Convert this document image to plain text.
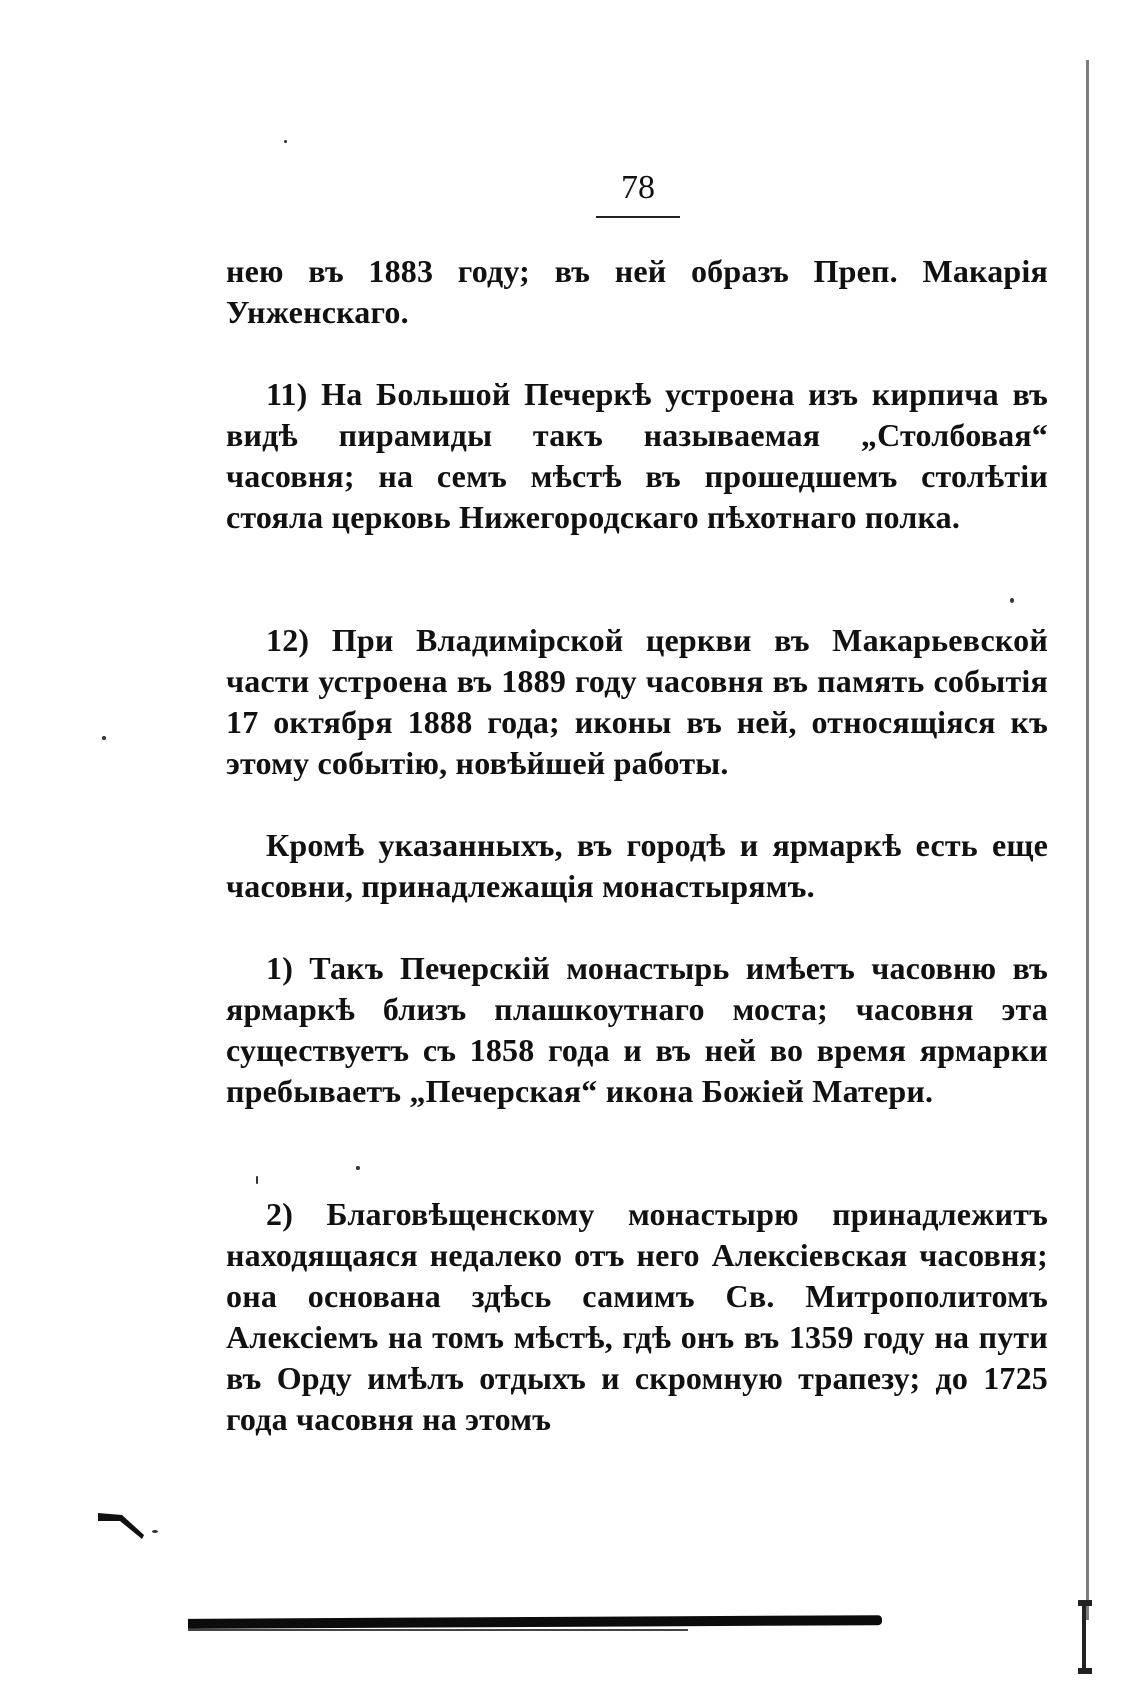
78

нею въ 1883 году; въ ней образъ Преп. Макарія Унженскаго.

11) На Большой Печеркѣ устроена изъ кирпича въ видѣ пирамиды такъ называемая „Столбовая“ часовня; на семъ мѣстѣ въ прошедшемъ столѣтіи стояла церковь Нижегородскаго пѣхотнаго полка.

12) При Владимірской церкви въ Макарьевской части устроена въ 1889 году часовня въ память событія 17 октября 1888 года; иконы въ ней, относящіяся къ этому событію, новѣйшей работы.

Кромѣ указанныхъ, въ городѣ и ярмаркѣ есть еще часовни, принадлежащія монастырямъ.

1) Такъ Печерскій монастырь имѣетъ часовню въ ярмаркѣ близъ плашкоутнаго моста; часовня эта существуетъ съ 1858 года и въ ней во время ярмарки пребываетъ „Печерская“ икона Божіей Матери.

2) Благовѣщенскому монастырю принадлежитъ находящаяся недалеко отъ него Алексіевская часовня; она основана здѣсь самимъ Св. Митрополитомъ Алексіемъ на томъ мѣстѣ, гдѣ онъ въ 1359 году на пути въ Орду имѣлъ отдыхъ и скромную трапезу; до 1725 года часовня на этомъ
